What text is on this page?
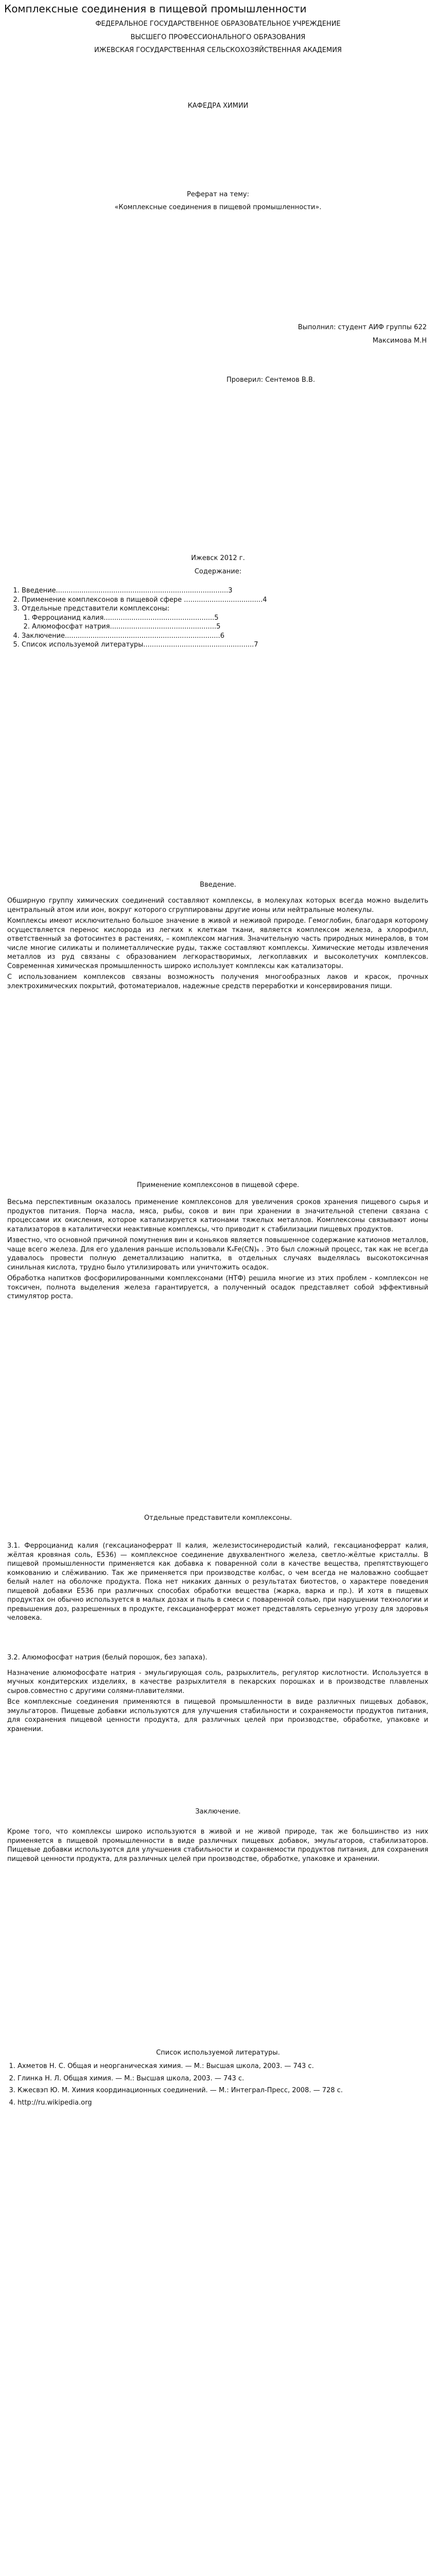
Комплексные соединения в пищевой промышленности
ФЕДЕРАЛЬНОЕ ГОСУДАРСТВЕННОЕ ОБРАЗОВАТЕЛЬНОЕ УЧРЕЖДЕНИЕ
ВЫСШЕГО ПРОФЕССИОНАЛЬНОГО ОБРАЗОВАНИЯ
ИЖЕВСКАЯ ГОСУДАРСТВЕННАЯ СЕЛЬСКОХОЗЯЙСТВЕННАЯ АКАДЕМИЯ
КАФЕДРА ХИМИИ
Реферат на тему:
«Комплексные соединения в пищевой промышленности».
Выполнил: студент АИФ группы 622
Максимова М.Н
Проверил: Сентемов В.В.
Ижевск 2012 г.
Содержание:
1. Введение.................................................................................3
2. Применение комплексонов в пищевой сфере .....................................4
3. Отдельные представители комплексоны:
1. Ферроцианид калия....................................................5
2. Алюмофосфат натрия..................................................5
4. Заключение.........................................................................6
5. Список используемой литературы....................................................7
Введение.

Обширную группу химических соединений составляют комплексы, в молекулах которых всегда можно выделить центральный атом или ион, вокруг которого сгруппированы другие ионы или нейтральные молекулы.

Комплексы имеют исключительно большое значение в живой и неживой природе. Гемоглобин, благодаря которому осуществляется перенос кислорода из легких к клеткам ткани, является комплексом железа, а хлорофилл, ответственный за фотосинтез в растениях, – комплексом магния. Значительную часть природных минералов, в том числе многие силикаты и полиметаллические руды, также составляют комплексы. Химические методы извлечения металлов из руд связаны с образованием легкорастворимых, легкоплавких и высоколетучих комплексов. Современная химическая промышленность широко использует комплексы как катализаторы.

С использованием комплексов связаны возможность получения многообразных лаков и красок, прочных электрохимических покрытий, фотоматериалов, надежные средств переработки и консервирования пищи.

Применение комплексонов в пищевой сфере.

Весьма перспективным оказалось применение комплексонов для увеличения сроков хранения пищевого сырья и продуктов питания. Порча масла, мяса, рыбы, соков и вин при хранении в значительной степени связана с процессами их окисления, которое катализируется катионами тяжелых металлов. Комплексоны связывают ионы катализаторов в каталитически неактивные комплексы, что приводит к стабилизации пищевых продуктов.

Известно, что основной причиной помутнения вин и коньяков является повышенное содержание катионов металлов, чаще всего железа. Для его удаления раньше использовали K₄Fe(CN)₆ . Это был сложный процесс, так как не всегда удавалось провести полную деметаллизацию напитка, в отдельных случаях выделялась высокотоксичная синильная кислота, трудно было утилизировать или уничтожить осадок.

Обработка напитков фосфорилированными комплексонами (НТФ) решила многие из этих проблем - комплексон не токсичен, полнота выделения железа гарантируется, а полученный осадок представляет собой эффективный стимулятор роста.

Отдельные представители комплексоны.

3.1. Ферроцианид калия (гексацианоферрат II калия, железистосинеродистый калий, гексацианоферрат калия, жёлтая кровяная соль, E536) — комплексное соединение двухвалентного железа, светло-жёлтые кристаллы. В пищевой промышленности применяется как добавка к поваренной соли в качестве вещества, препятствующего комкованию и слёживанию. Так же применяется при производстве колбас, о чем всегда не маловажно сообщает белый налет на оболочке продукта. Пока нет никаких данных о результатах биотестов, о характере поведения пищевой добавки E536 при различных способах обработки вещества (жарка, варка и пр.). И хотя в пищевых продуктах он обычно используется в малых дозах и пыль в смеси с поваренной солью, при нарушении технологии и превышения доз, разрешенных в продукте, гексацианоферрат может представлять серьезную угрозу для здоровья человека.

3.2. Алюмофосфат натрия (белый порошок, без запаха).

Назначение алюмофосфате натрия - эмульгирующая соль, разрыхлитель, регулятор кислотности. Используется в мучных кондитерских изделиях, в качестве разрыхлителя в пекарских порошках и в производстве плавленых сыров.совместно с другими солями-плавителями.

Все комплексные соединения применяются в пищевой промышленности в виде различных пищевых добавок, эмульгаторов. Пищевые добавки используются для улучшения стабильности и сохраняемости продуктов питания, для сохранения пищевой ценности продукта, для различных целей при производстве, обработке, упаковке и хранении.

Заключение.

Кроме того, что комплексы широко используются в живой и не живой природе, так же большинство из них применяется в пищевой промышленности в виде различных пищевых добавок, эмульгаторов, стабилизаторов. Пищевые добавки используются для улучшения стабильности и сохраняемости продуктов питания, для сохранения пищевой ценности продукта, для различных целей при производстве, обработке, упаковке и хранении.

Список используемой литературы.
1. Ахметов Н. С. Общая и неорганическая химия. — М.: Высшая школа, 2003. — 743 с.
2. Глинка Н. Л. Общая химия. — М.: Высшая школа, 2003. — 743 с.
3. Кжесвэп Ю. М. Химия координационных соединений. — М.: Интеграл-Пресс, 2008. — 728 с.
4. http://ru.wikipedia.org
